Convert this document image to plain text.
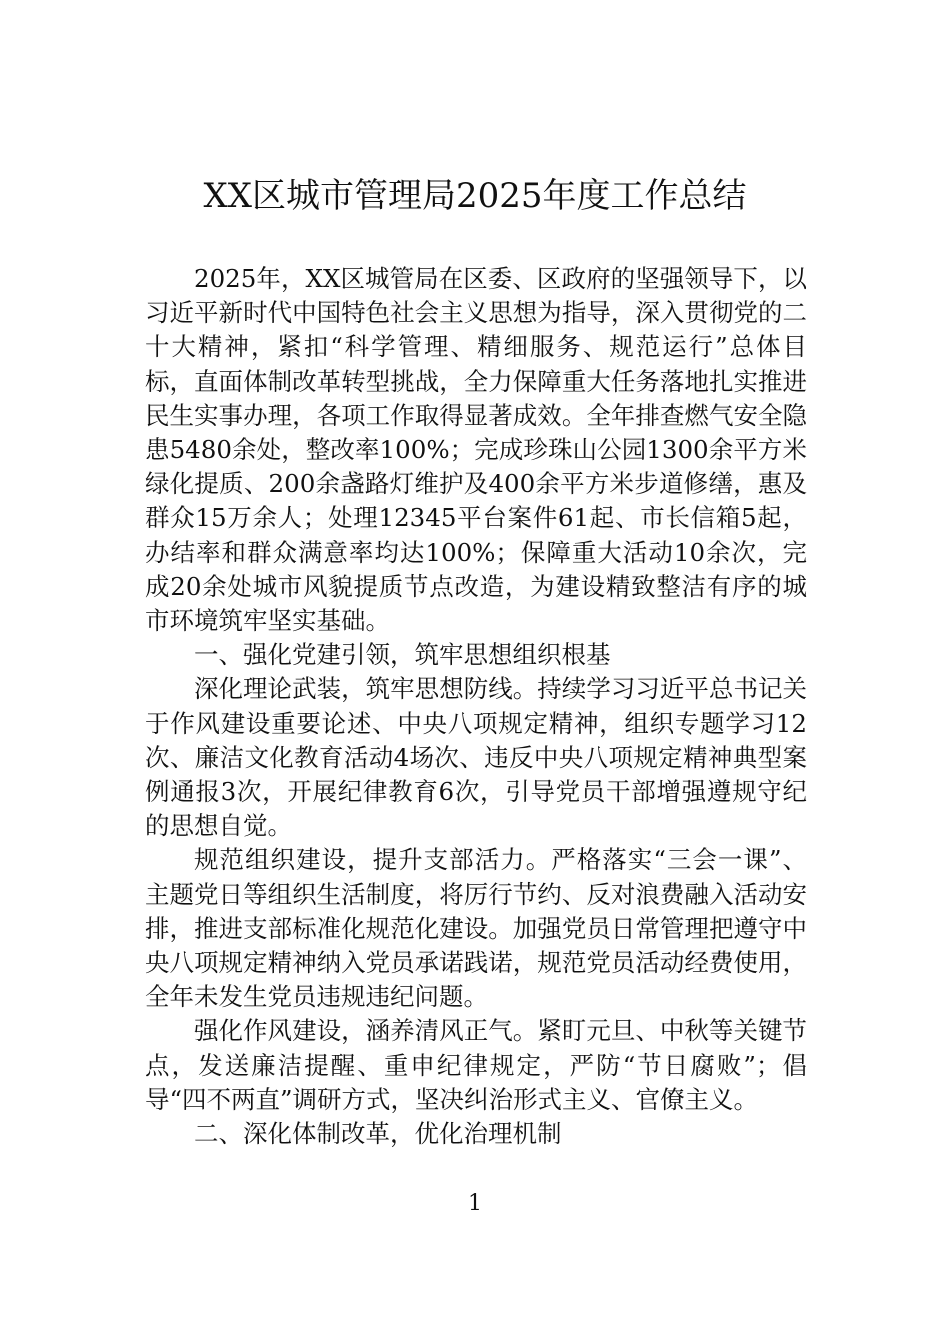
XX区城市管理局2025年度工作总结

2025年，XX区城管局在区委、区政府的坚强领导下，以习近平新时代中国特色社会主义思想为指导，深入贯彻党的二十大精神，紧扣“科学管理、精细服务、规范运行”总体目标，直面体制改革转型挑战，全力保障重大任务落地扎实推进民生实事办理，各项工作取得显著成效。全年排查燃气安全隐患5480余处，整改率100%；完成珍珠山公园1300余平方米绿化提质、200余盏路灯维护及400余平方米步道修缮，惠及群众15万余人；处理12345平台案件61起、市长信箱5起，办结率和群众满意率均达100%；保障重大活动10余次，完成20余处城市风貌提质节点改造，为建设精致整洁有序的城市环境筑牢坚实基础。

一、强化党建引领，筑牢思想组织根基

深化理论武装，筑牢思想防线。持续学习习近平总书记关于作风建设重要论述、中央八项规定精神，组织专题学习12次、廉洁文化教育活动4场次、违反中央八项规定精神典型案例通报3次，开展纪律教育6次，引导党员干部增强遵规守纪的思想自觉。

规范组织建设，提升支部活力。严格落实“三会一课”、主题党日等组织生活制度，将厉行节约、反对浪费融入活动安排，推进支部标准化规范化建设。加强党员日常管理把遵守中央八项规定精神纳入党员承诺践诺，规范党员活动经费使用，全年未发生党员违规违纪问题。

强化作风建设，涵养清风正气。紧盯元旦、中秋等关键节点，发送廉洁提醒、重申纪律规定，严防“节日腐败”；倡导“四不两直”调研方式，坚决纠治形式主义、官僚主义。

二、深化体制改革，优化治理机制

1
